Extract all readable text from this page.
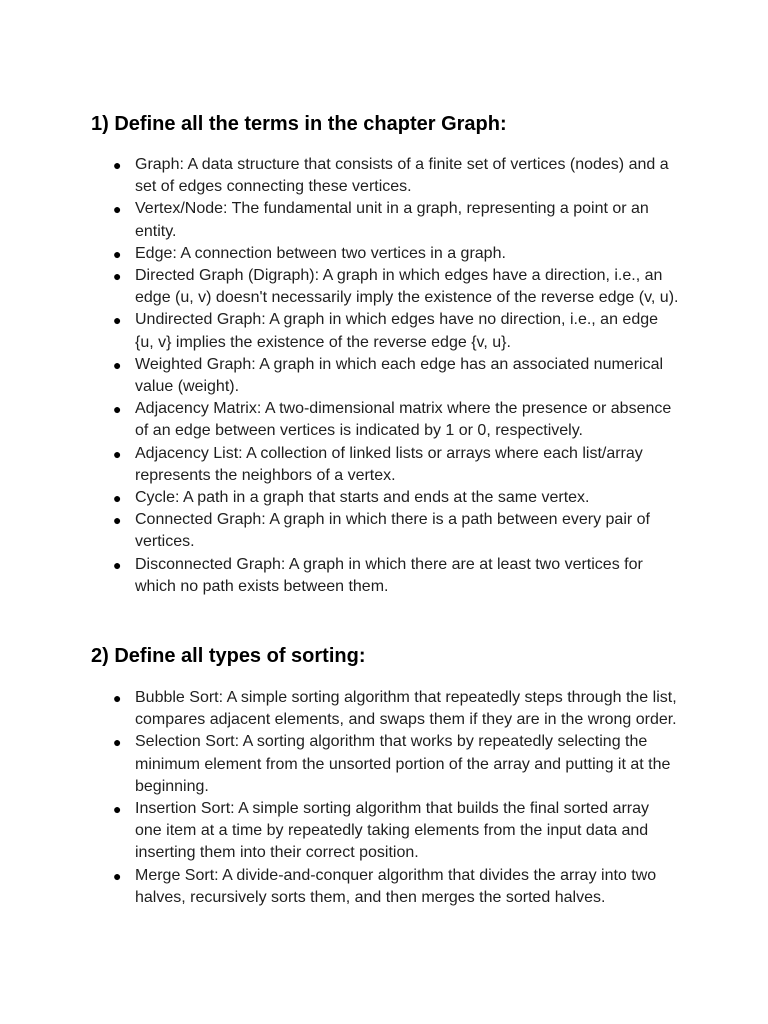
1) Define all the terms in the chapter Graph:
● Graph: A data structure that consists of a finite set of vertices (nodes) and a set of edges connecting these vertices.
● Vertex/Node: The fundamental unit in a graph, representing a point or an entity.
● Edge: A connection between two vertices in a graph.
● Directed Graph (Digraph): A graph in which edges have a direction, i.e., an edge (u, v) doesn't necessarily imply the existence of the reverse edge (v, u).
● Undirected Graph: A graph in which edges have no direction, i.e., an edge {u, v} implies the existence of the reverse edge {v, u}.
● Weighted Graph: A graph in which each edge has an associated numerical value (weight).
● Adjacency Matrix: A two-dimensional matrix where the presence or absence of an edge between vertices is indicated by 1 or 0, respectively.
● Adjacency List: A collection of linked lists or arrays where each list/array represents the neighbors of a vertex.
● Cycle: A path in a graph that starts and ends at the same vertex.
● Connected Graph: A graph in which there is a path between every pair of vertices.
● Disconnected Graph: A graph in which there are at least two vertices for which no path exists between them.
2) Define all types of sorting:
● Bubble Sort: A simple sorting algorithm that repeatedly steps through the list, compares adjacent elements, and swaps them if they are in the wrong order.
● Selection Sort: A sorting algorithm that works by repeatedly selecting the minimum element from the unsorted portion of the array and putting it at the beginning.
● Insertion Sort: A simple sorting algorithm that builds the final sorted array one item at a time by repeatedly taking elements from the input data and inserting them into their correct position.
● Merge Sort: A divide-and-conquer algorithm that divides the array into two halves, recursively sorts them, and then merges the sorted halves.
